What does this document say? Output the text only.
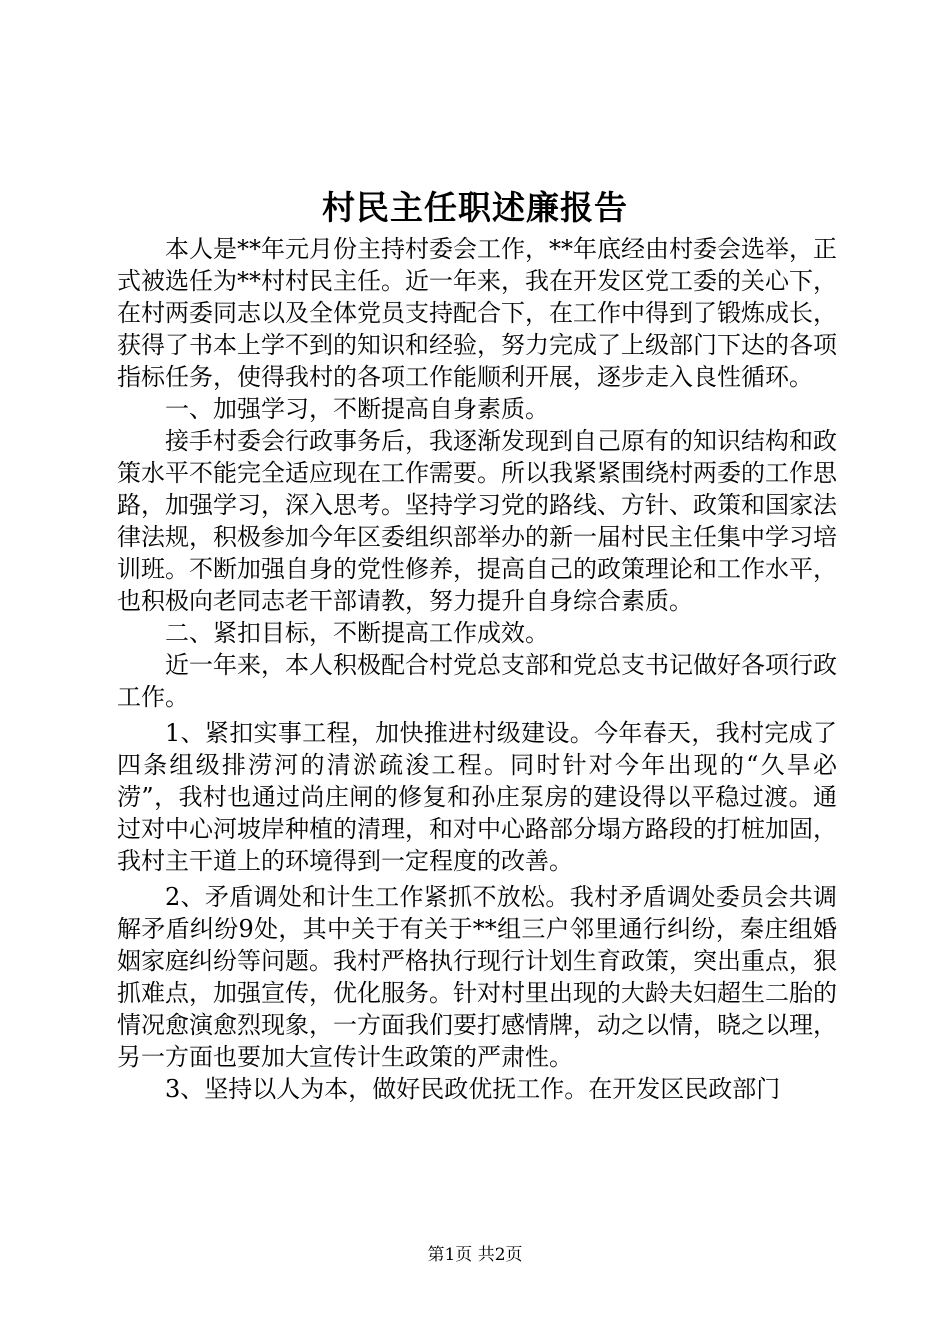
村民主任职述廉报告

本人是**年元月份主持村委会工作，**年底经由村委会选举，正式被选任为**村村民主任。近一年来，我在开发区党工委的关心下，在村两委同志以及全体党员支持配合下，在工作中得到了锻炼成长，获得了书本上学不到的知识和经验，努力完成了上级部门下达的各项指标任务，使得我村的各项工作能顺利开展，逐步走入良性循环。

一、加强学习，不断提高自身素质。

接手村委会行政事务后，我逐渐发现到自己原有的知识结构和政策水平不能完全适应现在工作需要。所以我紧紧围绕村两委的工作思路，加强学习，深入思考。坚持学习党的路线、方针、政策和国家法律法规，积极参加今年区委组织部举办的新一届村民主任集中学习培训班。不断加强自身的党性修养，提高自己的政策理论和工作水平，也积极向老同志老干部请教，努力提升自身综合素质。

二、紧扣目标，不断提高工作成效。

近一年来，本人积极配合村党总支部和党总支书记做好各项行政工作。

1、紧扣实事工程，加快推进村级建设。今年春天，我村完成了四条组级排涝河的清淤疏浚工程。同时针对今年出现的“久旱必涝”，我村也通过尚庄闸的修复和孙庄泵房的建设得以平稳过渡。通过对中心河坡岸种植的清理，和对中心路部分塌方路段的打桩加固，我村主干道上的环境得到一定程度的改善。

2、矛盾调处和计生工作紧抓不放松。我村矛盾调处委员会共调解矛盾纠纷9处，其中关于有关于**组三户邻里通行纠纷，秦庄组婚姻家庭纠纷等问题。我村严格执行现行计划生育政策，突出重点，狠抓难点，加强宣传，优化服务。针对村里出现的大龄夫妇超生二胎的情况愈演愈烈现象，一方面我们要打感情牌，动之以情，晓之以理，另一方面也要加大宣传计生政策的严肃性。

3、坚持以人为本，做好民政优抚工作。在开发区民政部门

第1页 共2页
